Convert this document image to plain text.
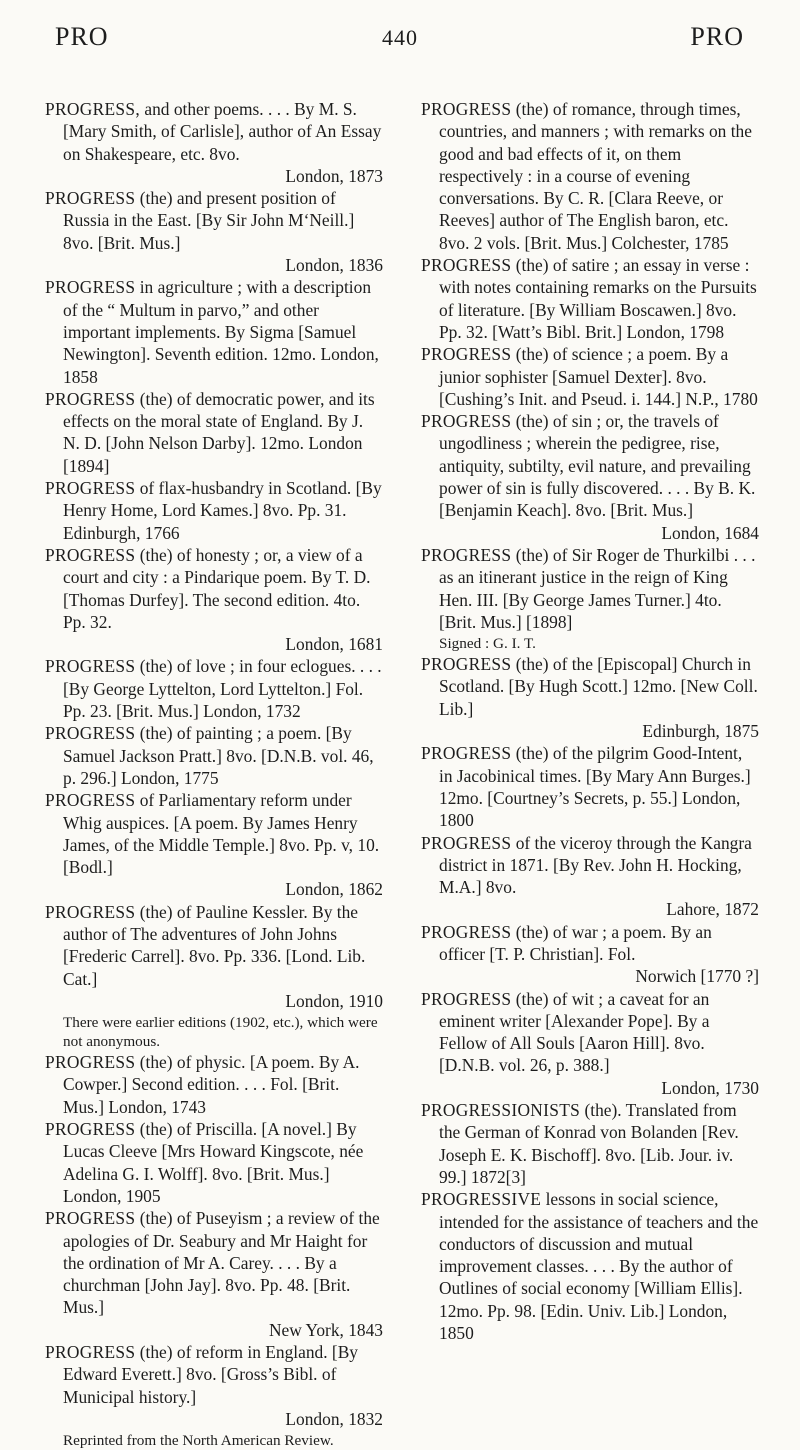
PRO	440	PRO
PROGRESS, and other poems. . . . By M. S. [Mary Smith, of Carlisle], author of An Essay on Shakespeare, etc. 8vo.
London, 1873
PROGRESS (the) and present position of Russia in the East. [By Sir John M‘Neill.] 8vo. [Brit. Mus.]
London, 1836
PROGRESS in agriculture ; with a description of the “ Multum in parvo,” and other important implements. By Sigma [Samuel Newington]. Seventh edition. 12mo. London, 1858
PROGRESS (the) of democratic power, and its effects on the moral state of England. By J. N. D. [John Nelson Darby]. 12mo. London [1894]
PROGRESS of flax-husbandry in Scotland. [By Henry Home, Lord Kames.] 8vo. Pp. 31. Edinburgh, 1766
PROGRESS (the) of honesty ; or, a view of a court and city : a Pindarique poem. By T. D. [Thomas Durfey]. The second edition. 4to. Pp. 32.
London, 1681
PROGRESS (the) of love ; in four eclogues. . . . [By George Lyttelton, Lord Lyttelton.] Fol. Pp. 23. [Brit. Mus.] London, 1732
PROGRESS (the) of painting ; a poem. [By Samuel Jackson Pratt.] 8vo. [D.N.B. vol. 46, p. 296.] London, 1775
PROGRESS of Parliamentary reform under Whig auspices. [A poem. By James Henry James, of the Middle Temple.] 8vo. Pp. v, 10. [Bodl.]
London, 1862
PROGRESS (the) of Pauline Kessler. By the author of The adventures of John Johns [Frederic Carrel]. 8vo. Pp. 336. [Lond. Lib. Cat.]
London, 1910
There were earlier editions (1902, etc.), which were not anonymous.
PROGRESS (the) of physic. [A poem. By A. Cowper.] Second edition. . . . Fol. [Brit. Mus.] London, 1743
PROGRESS (the) of Priscilla. [A novel.] By Lucas Cleeve [Mrs Howard Kingscote, née Adelina G. I. Wolff]. 8vo. [Brit. Mus.] London, 1905
PROGRESS (the) of Puseyism ; a review of the apologies of Dr. Seabury and Mr Haight for the ordination of Mr A. Carey. . . . By a churchman [John Jay]. 8vo. Pp. 48. [Brit. Mus.]
New York, 1843
PROGRESS (the) of reform in England. [By Edward Everett.] 8vo. [Gross’s Bibl. of Municipal history.]
London, 1832
Reprinted from the North American Review.
PROGRESS (the) of romance, through times, countries, and manners ; with remarks on the good and bad effects of it, on them respectively : in a course of evening conversations. By C. R. [Clara Reeve, or Reeves] author of The English baron, etc. 8vo. 2 vols. [Brit. Mus.] Colchester, 1785
PROGRESS (the) of satire ; an essay in verse : with notes containing remarks on the Pursuits of literature. [By William Boscawen.] 8vo. Pp. 32. [Watt’s Bibl. Brit.] London, 1798
PROGRESS (the) of science ; a poem. By a junior sophister [Samuel Dexter]. 8vo. [Cushing’s Init. and Pseud. i. 144.] N.P., 1780
PROGRESS (the) of sin ; or, the travels of ungodliness ; wherein the pedigree, rise, antiquity, subtilty, evil nature, and prevailing power of sin is fully discovered. . . . By B. K. [Benjamin Keach]. 8vo. [Brit. Mus.]
London, 1684
PROGRESS (the) of Sir Roger de Thurkilbi . . . as an itinerant justice in the reign of King Hen. III. [By George James Turner.] 4to. [Brit. Mus.] [1898]
Signed : G. I. T.
PROGRESS (the) of the [Episcopal] Church in Scotland. [By Hugh Scott.] 12mo. [New Coll. Lib.]
Edinburgh, 1875
PROGRESS (the) of the pilgrim Good-Intent, in Jacobinical times. [By Mary Ann Burges.] 12mo. [Courtney’s Secrets, p. 55.] London, 1800
PROGRESS of the viceroy through the Kangra district in 1871. [By Rev. John H. Hocking, M.A.] 8vo.
Lahore, 1872
PROGRESS (the) of war ; a poem. By an officer [T. P. Christian]. Fol.
Norwich [1770 ?]
PROGRESS (the) of wit ; a caveat for an eminent writer [Alexander Pope]. By a Fellow of All Souls [Aaron Hill]. 8vo. [D.N.B. vol. 26, p. 388.]
London, 1730
PROGRESSIONISTS (the). Translated from the German of Konrad von Bolanden [Rev. Joseph E. K. Bischoff]. 8vo. [Lib. Jour. iv. 99.] 1872[3]
PROGRESSIVE lessons in social science, intended for the assistance of teachers and the conductors of discussion and mutual improvement classes. . . . By the author of Outlines of social economy [William Ellis]. 12mo. Pp. 98. [Edin. Univ. Lib.] London, 1850
